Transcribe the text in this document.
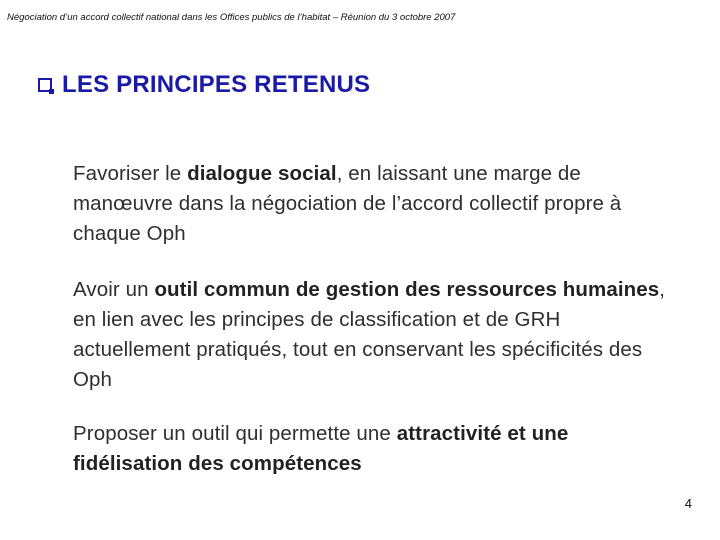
Négociation d’un accord collectif national dans les Offices publics de l’habitat – Réunion du 3 octobre 2007
LES PRINCIPES RETENUS
Favoriser le dialogue social, en laissant une marge de manœuvre dans la négociation de l’accord collectif propre à chaque Oph
Avoir un outil commun de gestion des ressources humaines, en lien avec les principes de classification et de GRH actuellement pratiqués, tout en conservant les spécificités des Oph
Proposer un outil qui permette une attractivité et une fidélisation des compétences
4
